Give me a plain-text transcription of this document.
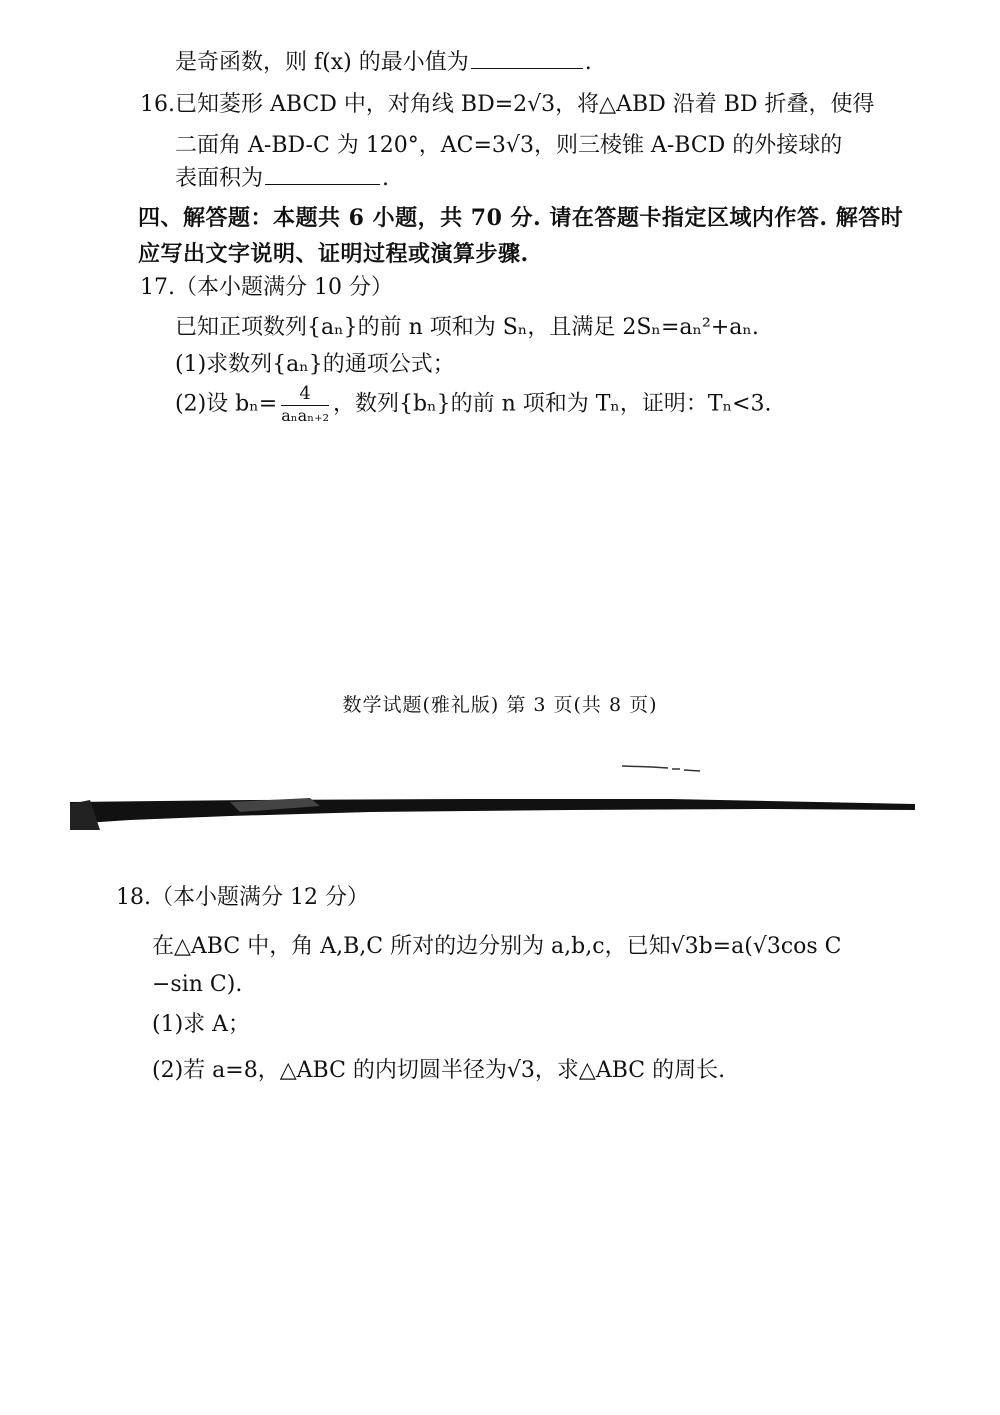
是奇函数，则 f(x) 的最小值为	.
16.已知菱形 ABCD 中，对角线 BD=2√3，将△ABD 沿着 BD 折叠，使得
二面角 A-BD-C 为 120°，AC=3√3，则三棱锥 A-BCD 的外接球的
表面积为	.
四、解答题：本题共 6 小题，共 70 分. 请在答题卡指定区域内作答. 解答时
应写出文字说明、证明过程或演算步骤.
17.（本小题满分 10 分）
已知正项数列{aₙ}的前 n 项和为 Sₙ，且满足 2Sₙ=aₙ²+aₙ.
(1)求数列{aₙ}的通项公式；
(2)设 $b_n= \frac{4}{\text{aₙaₙ₊₂}}$ ，数列{bₙ}的前 n 项和为 Tₙ，证明：Tₙ<3.
数学试题(雅礼版) 第 3 页(共 8 页)
18.（本小题满分 12 分）
在△ABC 中，角 A,B,C 所对的边分别为 a,b,c，已知√3b=a(√3cos C
−sin C).
(1)求 A；
(2)若 a=8，△ABC 的内切圆半径为√3，求△ABC 的周长.
